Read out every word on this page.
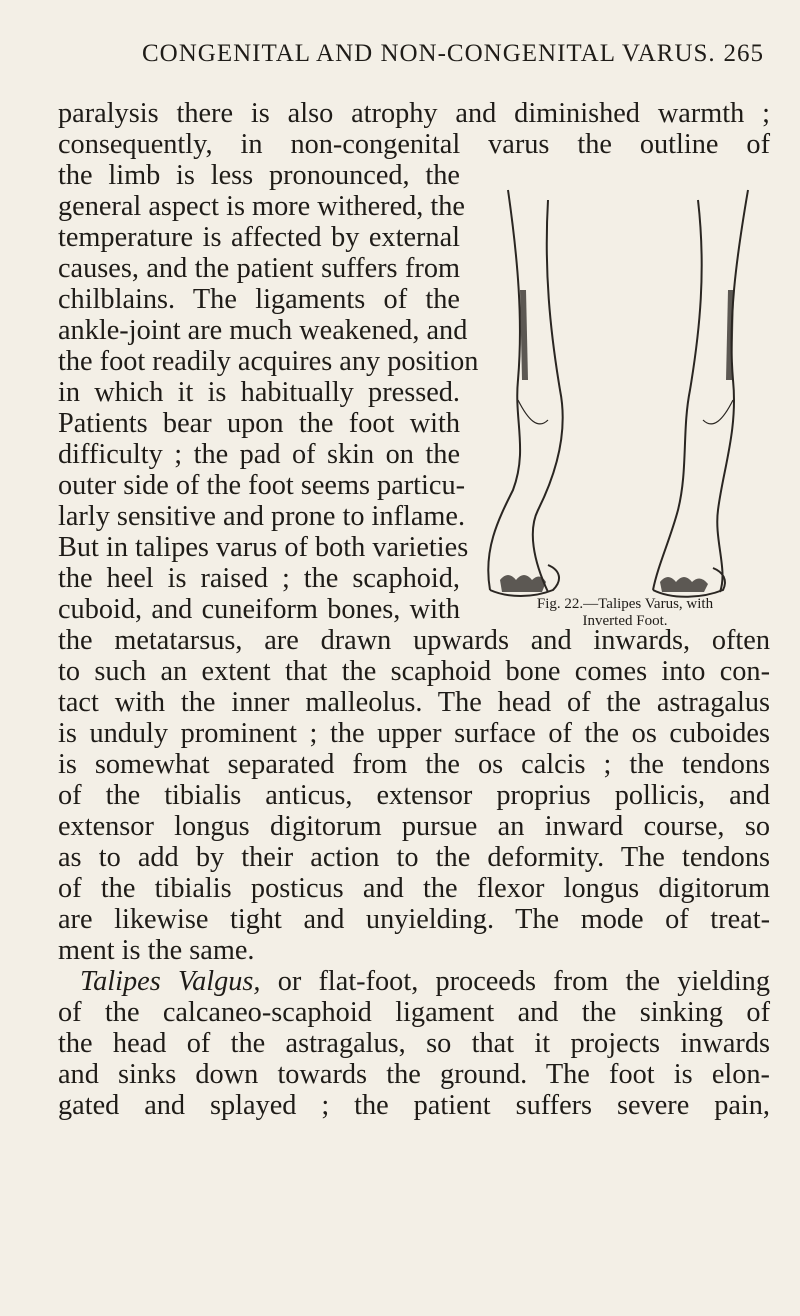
CONGENITAL AND NON-CONGENITAL VARUS. 265
Fig. 22.—Talipes Varus, with
Inverted Foot.
paralysis there is also atrophy and diminished warmth ;
consequently, in non-congenital varus the outline of
the limb is less pronounced, the
general aspect is more withered, the
temperature is affected by external
causes, and the patient suffers from
chilblains. The ligaments of the
ankle-joint are much weakened, and
the foot readily acquires any position
in which it is habitually pressed.
Patients bear upon the foot with
difficulty ; the pad of skin on the
outer side of the foot seems particu-
larly sensitive and prone to inflame.
But in talipes varus of both varieties
the heel is raised ; the scaphoid,
cuboid, and cuneiform bones, with
the metatarsus, are drawn upwards and inwards, often
to such an extent that the scaphoid bone comes into con-
tact with the inner malleolus. The head of the astragalus
is unduly prominent ; the upper surface of the os cuboides
is somewhat separated from the os calcis ; the tendons
of the tibialis anticus, extensor proprius pollicis, and
extensor longus digitorum pursue an inward course, so
as to add by their action to the deformity. The tendons
of the tibialis posticus and the flexor longus digitorum
are likewise tight and unyielding. The mode of treat-
ment is the same.
Talipes Valgus, or flat-foot, proceeds from the yielding
of the calcaneo-scaphoid ligament and the sinking of
the head of the astragalus, so that it projects inwards
and sinks down towards the ground. The foot is elon-
gated and splayed ; the patient suffers severe pain,
